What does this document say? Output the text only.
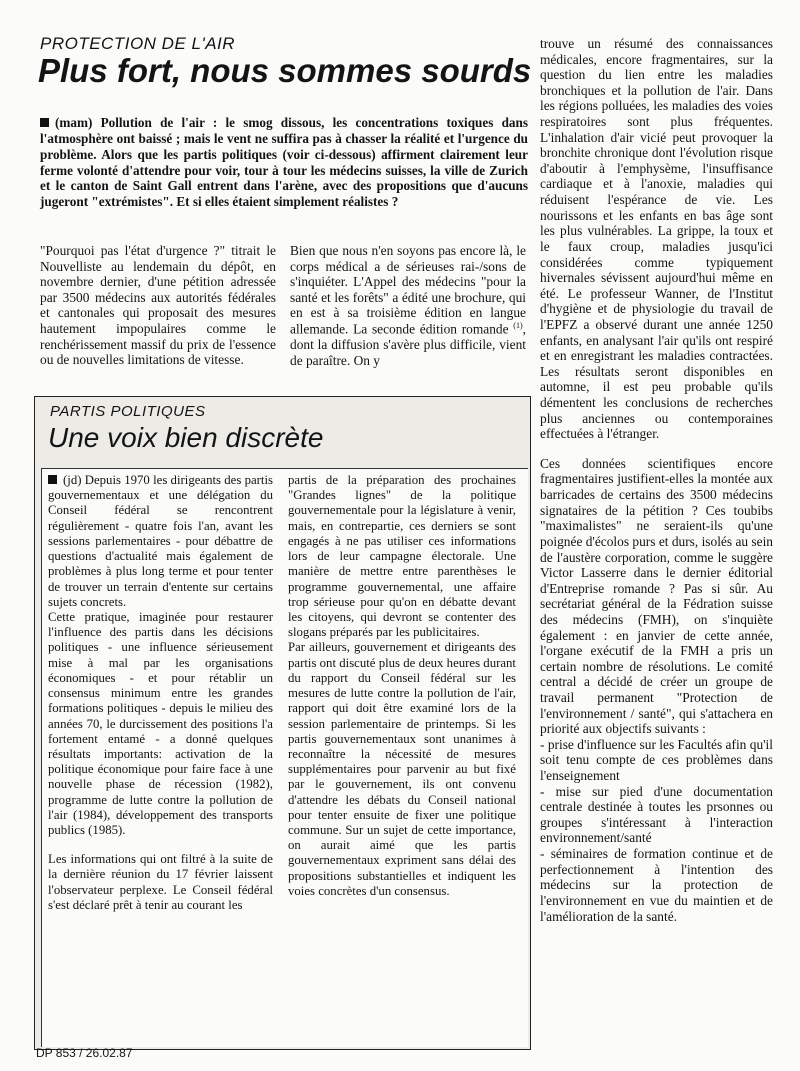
PROTECTION DE L'AIR

Plus fort, nous sommes sourds

(mam) Pollution de l'air : le smog dissous, les concentrations toxiques dans l'atmosphère ont baissé ; mais le vent ne suffira pas à chasser la réalité et l'urgence du problème. Alors que les partis politiques (voir ci-dessous) affirment clairement leur ferme volonté d'attendre pour voir, tour à tour les médecins suisses, la ville de Zurich et le canton de Saint Gall entrent dans l'arène, avec des propositions que d'aucuns jugeront "extrémistes". Et si elles étaient simplement réalistes ?

"Pourquoi pas l'état d'urgence ?" titrait le Nouvelliste au lendemain du dépôt, en novembre dernier, d'une pétition adressée par 3500 médecins aux autorités fédérales et cantonales qui proposait des mesures hautement impopulaires comme le renchérissement massif du prix de l'essence ou de nouvelles limitations de vitesse.

Bien que nous n'en soyons pas encore là, le corps médical a de sérieuses rai-/sons de s'inquiéter. L'Appel des médecins "pour la santé et les forêts" a édité une brochure, qui en est à sa troisième édition en langue allemande. La seconde édition romande $^{(1)}$, dont la diffusion s'avère plus difficile, vient de paraître. On y

trouve un résumé des connaissances médicales, encore fragmentaires, sur la question du lien entre les maladies bronchiques et la pollution de l'air. Dans les régions polluées, les maladies des voies respiratoires sont plus fréquentes. L'inhalation d'air vicié peut provoquer la bronchite chronique dont l'évolution risque d'aboutir à l'emphysème, l'insuffisance cardiaque et à l'anoxie, maladies qui réduisent l'espérance de vie. Les nourissons et les enfants en bas âge sont les plus vulnérables. La grippe, la toux et le faux croup, maladies jusqu'ici considérées comme typiquement hivernales sévissent aujourd'hui même en été. Le professeur Wanner, de l'Institut d'hygiène et de physiologie du travail de l'EPFZ a observé durant une année 1250 enfants, en analysant l'air qu'ils ont respiré et en enregistrant les maladies contractées. Les résultats seront disponibles en automne, il est peu probable qu'ils démentent les conclusions de recherches plus anciennes ou contemporaines effectuées à l'étranger.

Ces données scientifiques encore fragmentaires justifient-elles la montée aux barricades de certains des 3500 médecins signataires de la pétition ? Ces toubibs "maximalistes" ne seraient-ils qu'une poignée d'écolos purs et durs, isolés au sein de l'austère corporation, comme le suggère Victor Lasserre dans le dernier éditorial d'Entreprise romande ? Pas si sûr. Au secrétariat général de la Fédration suisse des médecins (FMH), on s'inquiète également : en janvier de cette année, l'organe exécutif de la FMH a pris un certain nombre de résolutions. Le comité central a décidé de créer un groupe de travail permanent "Protection de l'environnement / santé", qui s'attachera en priorité aux objectifs suivants :

- prise d'influence sur les Facultés afin qu'il soit tenu compte de ces problèmes dans l'enseignement

- mise sur pied d'une documentation centrale destinée à toutes les prsonnes ou groupes s'intéressant à l'interaction environnement/santé

- séminaires de formation continue et de perfectionnement à l'intention des médecins sur la protection de l'environnement en vue du maintien et de l'amélioration de la santé.

PARTIS POLITIQUES

Une voix bien discrète

(jd) Depuis 1970 les dirigeants des partis gouvernementaux et une délégation du Conseil fédéral se rencontrent régulièrement - quatre fois l'an, avant les sessions parlementaires - pour débattre de questions d'actualité mais également de problèmes à plus long terme et pour tenter de trouver un terrain d'entente sur certains sujets concrets.

Cette pratique, imaginée pour restaurer l'influence des partis dans les décisions politiques - une influence sérieusement mise à mal par les organisations économiques - et pour rétablir un consensus minimum entre les grandes formations politiques - depuis le milieu des années 70, le durcissement des positions l'a fortement entamé - a donné quelques résultats importants: activation de la politique économique pour faire face à une nouvelle phase de récession (1982), programme de lutte contre la pollution de l'air (1984), développement des transports publics (1985).

Les informations qui ont filtré à la suite de la dernière réunion du 17 février laissent l'observateur perplexe. Le Conseil fédéral s'est déclaré prêt à tenir au courant les

partis de la préparation des prochaines "Grandes lignes" de la politique gouvernementale pour la législature à venir, mais, en contrepartie, ces derniers se sont engagés à ne pas utiliser ces informations lors de leur campagne électorale. Une manière de mettre entre parenthèses le programme gouvernemental, une affaire trop sérieuse pour qu'on en débatte devant les citoyens, qui devront se contenter des slogans préparés par les publicitaires.

Par ailleurs, gouvernement et dirigeants des partis ont discuté plus de deux heures durant du rapport du Conseil fédéral sur les mesures de lutte contre la pollution de l'air, rapport qui doit être examiné lors de la session parlementaire de printemps. Si les partis gouvernementaux sont unanimes à reconnaître la nécessité de mesures supplémentaires pour parvenir au but fixé par le gouvernement, ils ont convenu d'attendre les débats du Conseil national pour tenter ensuite de fixer une politique commune. Sur un sujet de cette importance, on aurait aimé que les partis gouvernementaux expriment sans délai des propositions substantielles et indiquent les voies concrètes d'un consensus.

DP 853 / 26.02.87
